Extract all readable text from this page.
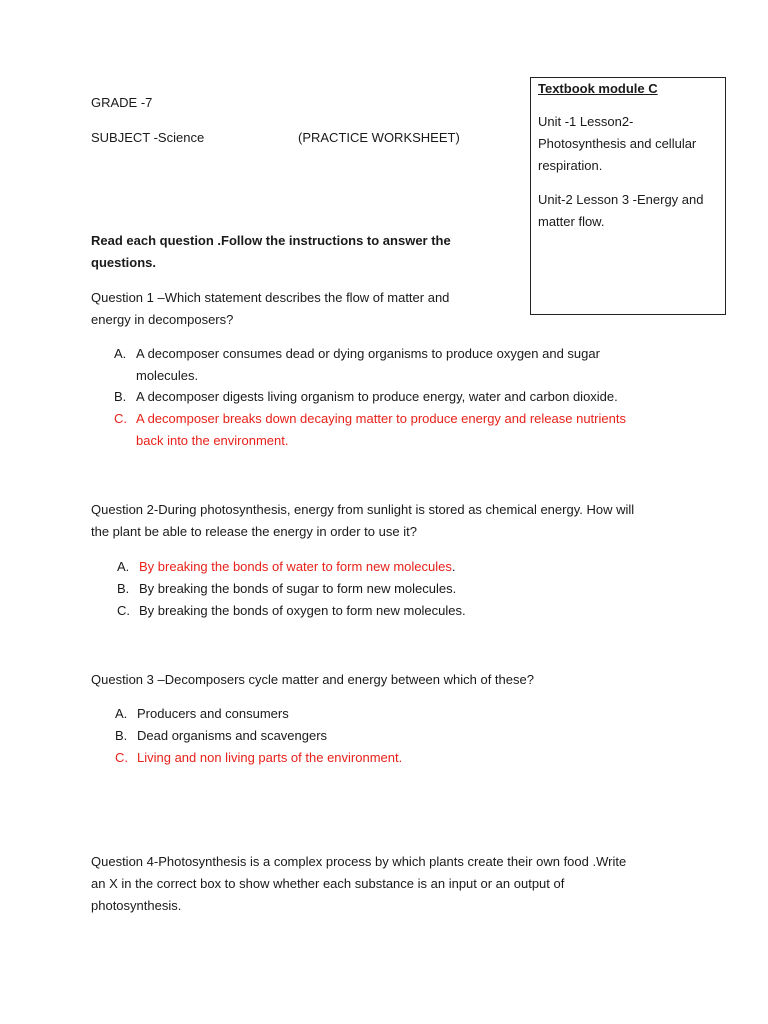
GRADE -7
SUBJECT -Science	(PRACTICE WORKSHEET)
Textbook module C
Unit -1 Lesson2-
Photosynthesis and cellular
respiration.
Unit-2 Lesson 3 -Energy and
matter flow.
Read each question .Follow the instructions to answer the
questions.
Question 1 –Which statement describes the flow of matter and
energy in decomposers?
A. A decomposer consumes dead or dying organisms to produce oxygen and sugar
molecules.
B. A decomposer digests living organism to produce energy, water and carbon dioxide.
C. A decomposer breaks down decaying matter to produce energy and release nutrients
back into the environment.
Question 2-During photosynthesis, energy from sunlight is stored as chemical energy. How will
the plant be able to release the energy in order to use it?
A. By breaking the bonds of water to form new molecules.
B. By breaking the bonds of sugar to form new molecules.
C. By breaking the bonds of oxygen to form new molecules.
Question 3 –Decomposers cycle matter and energy between which of these?
A. Producers and consumers
B. Dead organisms and scavengers
C. Living and non living parts of the environment.
Question 4-Photosynthesis is a complex process by which plants create their own food .Write
an X in the correct box to show whether each substance is an input or an output of
photosynthesis.
